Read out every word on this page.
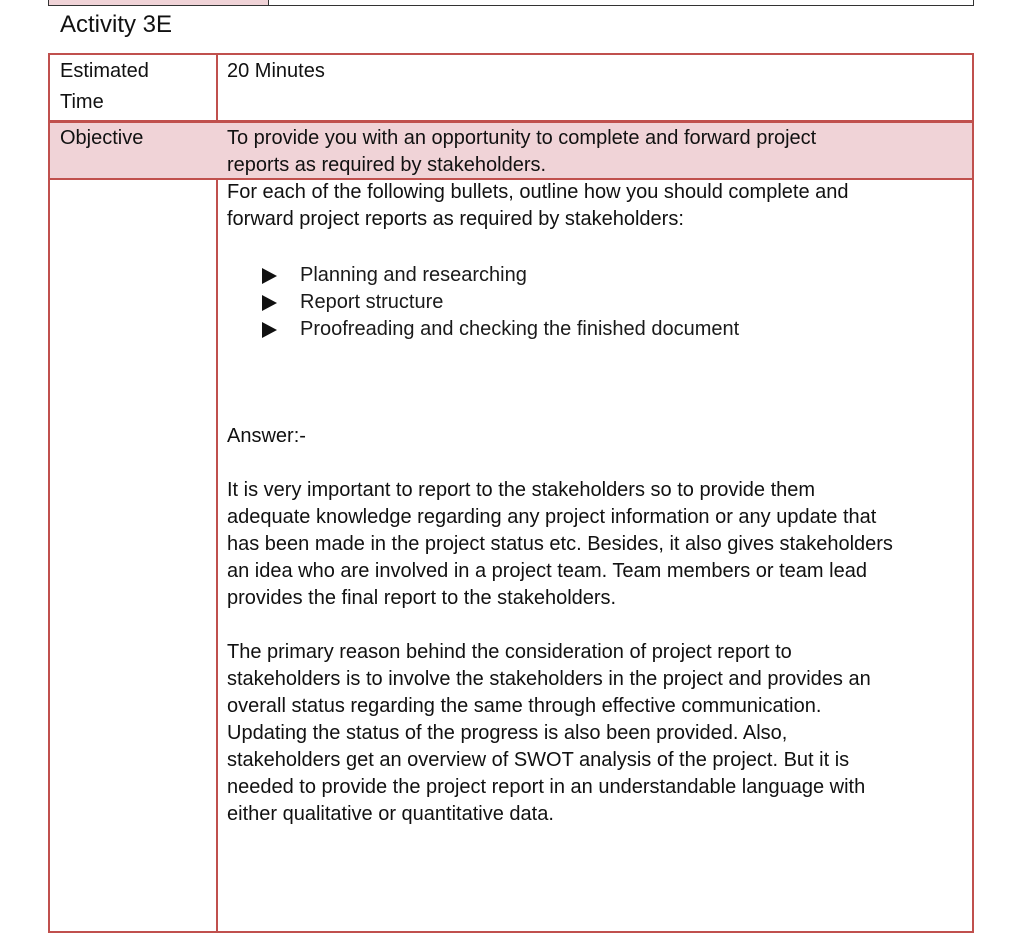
Activity 3E
Estimated
Time
20 Minutes
Objective	To provide you with an opportunity to complete and forward project
reports as required by stakeholders.
For each of the following bullets, outline how you should complete and
forward project reports as required by stakeholders:
Planning and researching
Report structure
Proofreading and checking the finished document
Answer:-
It is very important to report to the stakeholders so to provide them
adequate knowledge regarding any project information or any update that
has been made in the project status etc. Besides, it also gives stakeholders
an idea who are involved in a project team. Team members or team lead
provides the final report to the stakeholders.
The primary reason behind the consideration of project report to
stakeholders is to involve the stakeholders in the project and provides an
overall status regarding the same through effective communication.
Updating the status of the progress is also been provided. Also,
stakeholders get an overview of SWOT analysis of the project. But it is
needed to provide the project report in an understandable language with
either qualitative or quantitative data.
